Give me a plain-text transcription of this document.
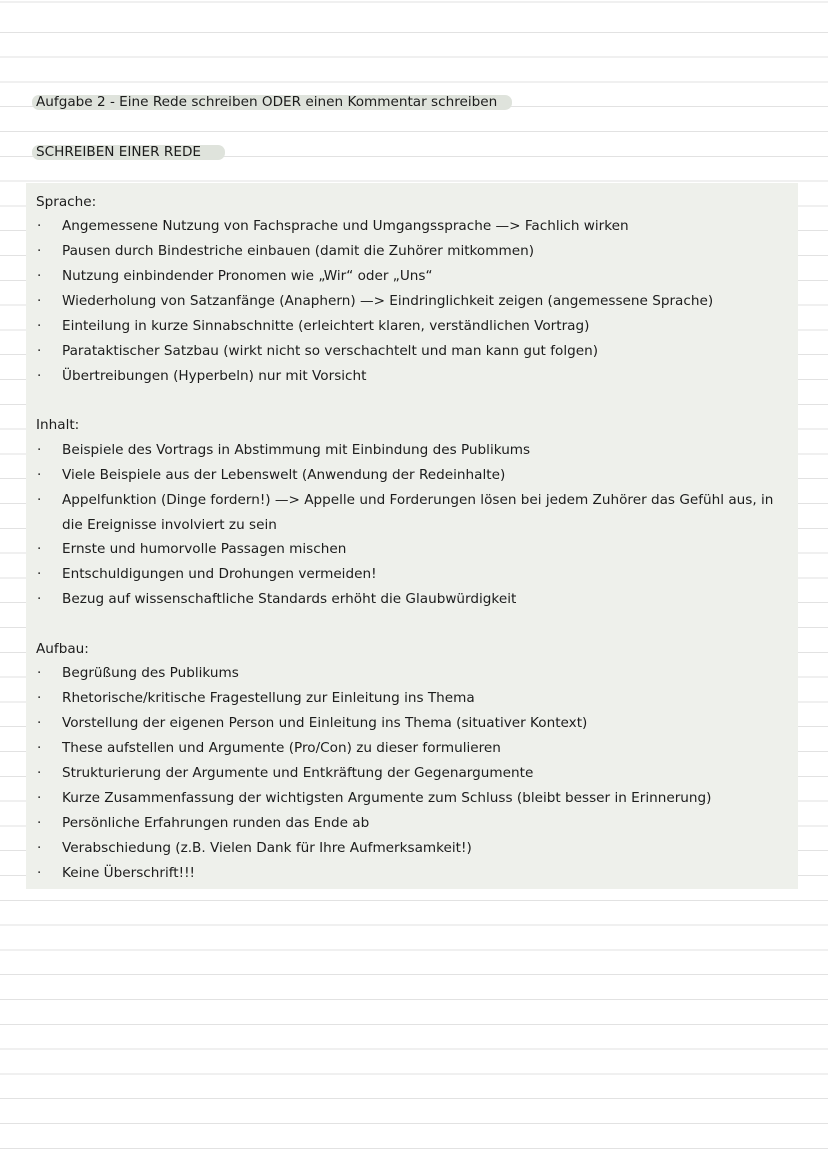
Aufgabe 2 - Eine Rede schreiben ODER einen Kommentar schreiben
SCHREIBEN EINER REDE
Sprache:
· Angemessene Nutzung von Fachsprache und Umgangssprache —> Fachlich wirken
· Pausen durch Bindestriche einbauen (damit die Zuhörer mitkommen)
· Nutzung einbindender Pronomen wie „Wir“ oder „Uns“
· Wiederholung von Satzanfänge (Anaphern) —> Eindringlichkeit zeigen (angemessene Sprache)
· Einteilung in kurze Sinnabschnitte (erleichtert klaren, verständlichen Vortrag)
· Parataktischer Satzbau (wirkt nicht so verschachtelt und man kann gut folgen)
· Übertreibungen (Hyperbeln) nur mit Vorsicht
Inhalt:
· Beispiele des Vortrags in Abstimmung mit Einbindung des Publikums
· Viele Beispiele aus der Lebenswelt (Anwendung der Redeinhalte)
· Appelfunktion (Dinge fordern!) —> Appelle und Forderungen lösen bei jedem Zuhörer das Gefühl aus, in
die Ereignisse involviert zu sein
· Ernste und humorvolle Passagen mischen
· Entschuldigungen und Drohungen vermeiden!
· Bezug auf wissenschaftliche Standards erhöht die Glaubwürdigkeit
Aufbau:
· Begrüßung des Publikums
· Rhetorische/kritische Fragestellung zur Einleitung ins Thema
· Vorstellung der eigenen Person und Einleitung ins Thema (situativer Kontext)
· These aufstellen und Argumente (Pro/Con) zu dieser formulieren
· Strukturierung der Argumente und Entkräftung der Gegenargumente
· Kurze Zusammenfassung der wichtigsten Argumente zum Schluss (bleibt besser in Erinnerung)
· Persönliche Erfahrungen runden das Ende ab
· Verabschiedung (z.B. Vielen Dank für Ihre Aufmerksamkeit!)
· Keine Überschrift!!!
